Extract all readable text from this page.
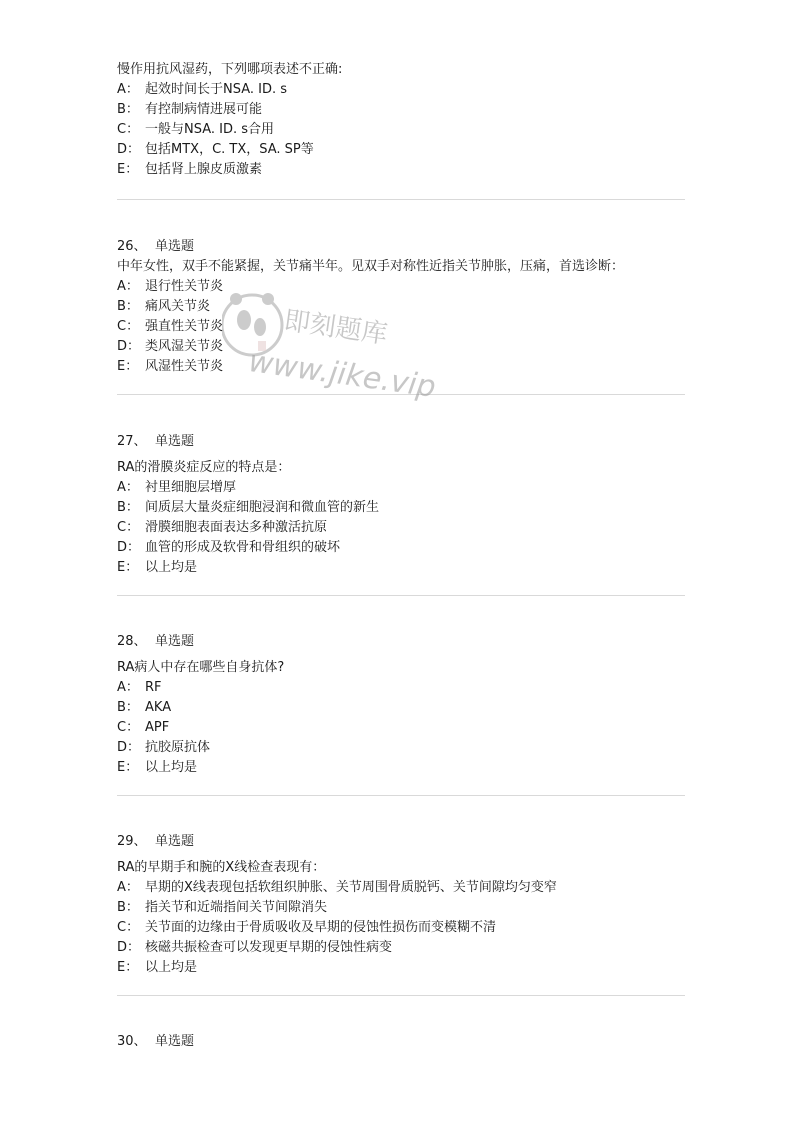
慢作用抗风湿药，下列哪项表述不正确:
A： 起效时间长于NSA. ID. s
B： 有控制病情进展可能
C： 一般与NSA. ID. s合用
D： 包括MTX，C. TX，SA. SP等
E： 包括肾上腺皮质激素
26、 单选题
中年女性，双手不能紧握，关节痛半年。见双手对称性近指关节肿胀，压痛，首选诊断：
A： 退行性关节炎
B： 痛风关节炎
C： 强直性关节炎
D： 类风湿关节炎
E： 风湿性关节炎
27、 单选题
RA的滑膜炎症反应的特点是：
A： 衬里细胞层增厚
B： 间质层大量炎症细胞浸润和微血管的新生
C： 滑膜细胞表面表达多种激活抗原
D： 血管的形成及软骨和骨组织的破坏
E： 以上均是
28、 单选题
RA病人中存在哪些自身抗体?
A： RF
B： AKA
C： APF
D： 抗胶原抗体
E： 以上均是
29、 单选题
RA的早期手和腕的X线检查表现有：
A： 早期的X线表现包括软组织肿胀、关节周围骨质脱钙、关节间隙均匀变窄
B： 指关节和近端指间关节间隙消失
C： 关节面的边缘由于骨质吸收及早期的侵蚀性损伤而变模糊不清
D： 核磁共振检查可以发现更早期的侵蚀性病变
E： 以上均是
30、 单选题
即刻题库
www.jike.vip
